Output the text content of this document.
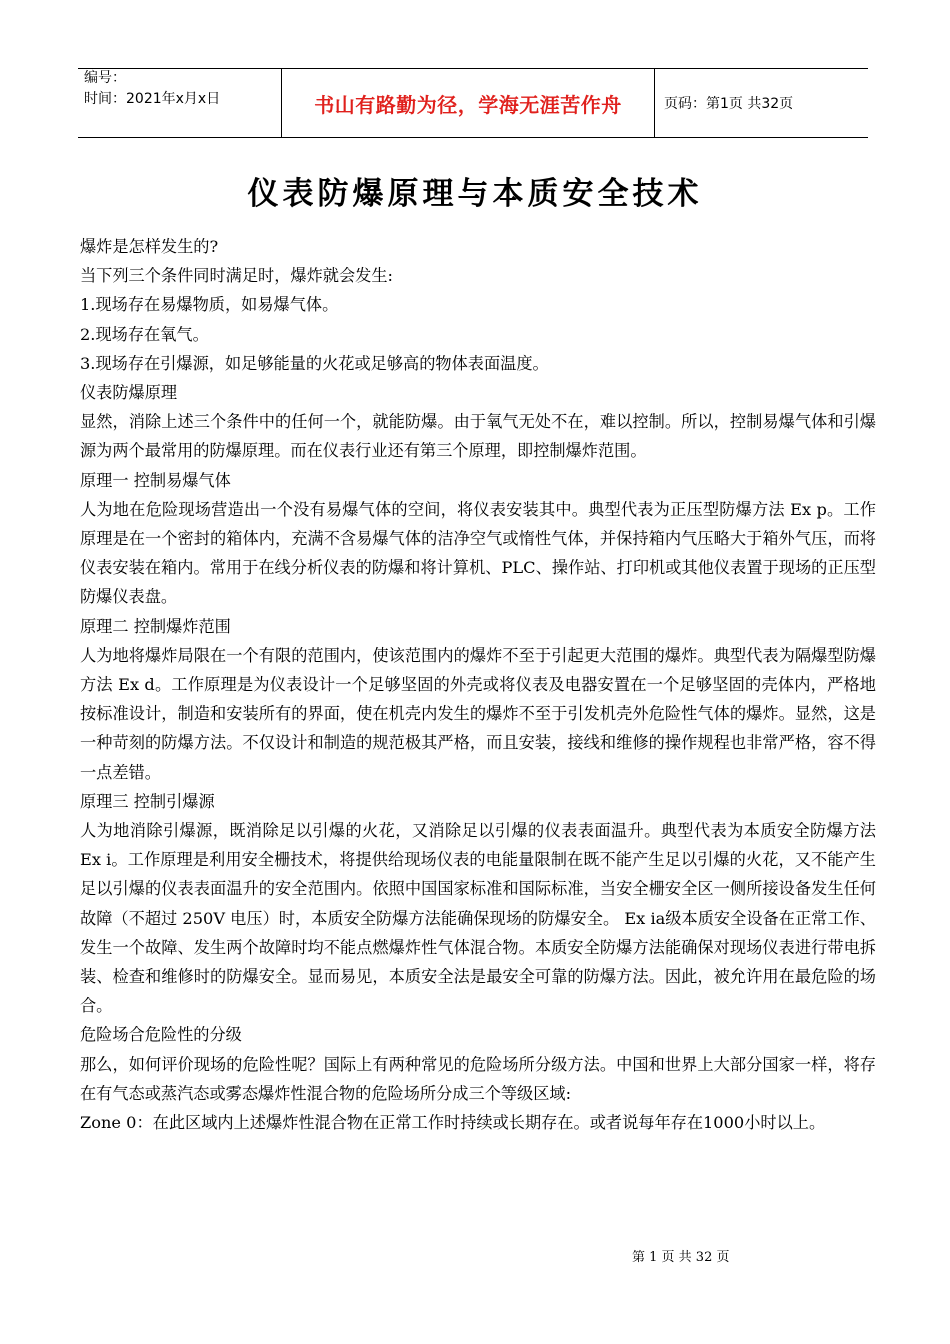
编号：
时间：2021年x月x日	书山有路勤为径，学海无涯苦作舟	页码：第1页 共32页
仪表防爆原理与本质安全技术

爆炸是怎样发生的?

当下列三个条件同时满足时，爆炸就会发生:

1.现场存在易爆物质，如易爆气体。

2.现场存在氧气。

3.现场存在引爆源，如足够能量的火花或足够高的物体表面温度。

仪表防爆原理

显然，消除上述三个条件中的任何一个，就能防爆。由于氧气无处不在，难以控制。所以，控制易爆气体和引爆源为两个最常用的防爆原理。而在仪表行业还有第三个原理，即控制爆炸范围。

原理一 控制易爆气体

人为地在危险现场营造出一个没有易爆气体的空间，将仪表安装其中。典型代表为正压型防爆方法 Ex p。工作原理是在一个密封的箱体内，充满不含易爆气体的洁净空气或惰性气体，并保持箱内气压略大于箱外气压，而将仪表安装在箱内。常用于在线分析仪表的防爆和将计算机、PLC、操作站、打印机或其他仪表置于现场的正压型防爆仪表盘。

原理二 控制爆炸范围

人为地将爆炸局限在一个有限的范围内，使该范围内的爆炸不至于引起更大范围的爆炸。典型代表为隔爆型防爆方法 Ex d。工作原理是为仪表设计一个足够坚固的外壳或将仪表及电器安置在一个足够坚固的壳体内，严格地按标准设计，制造和安装所有的界面，使在机壳内发生的爆炸不至于引发机壳外危险性气体的爆炸。显然，这是一种苛刻的防爆方法。不仅设计和制造的规范极其严格，而且安装，接线和维修的操作规程也非常严格，容不得一点差错。

原理三 控制引爆源

人为地消除引爆源，既消除足以引爆的火花，又消除足以引爆的仪表表面温升。典型代表为本质安全防爆方法 Ex i。工作原理是利用安全栅技术，将提供给现场仪表的电能量限制在既不能产生足以引爆的火花，又不能产生足以引爆的仪表表面温升的安全范围内。依照中国国家标准和国际标准，当安全栅安全区一侧所接设备发生任何故障（不超过 250V 电压）时，本质安全防爆方法能确保现场的防爆安全。 Ex ia级本质安全设备在正常工作、发生一个故障、发生两个故障时均不能点燃爆炸性气体混合物。本质安全防爆方法能确保对现场仪表进行带电拆装、检查和维修时的防爆安全。显而易见，本质安全法是最安全可靠的防爆方法。因此，被允许用在最危险的场合。

危险场合危险性的分级

那么，如何评价现场的危险性呢？国际上有两种常见的危险场所分级方法。中国和世界上大部分国家一样，将存在有气态或蒸汽态或雾态爆炸性混合物的危险场所分成三个等级区域:

Zone 0：在此区域内上述爆炸性混合物在正常工作时持续或长期存在。或者说每年存在1000小时以上。

第 1 页 共 32 页
